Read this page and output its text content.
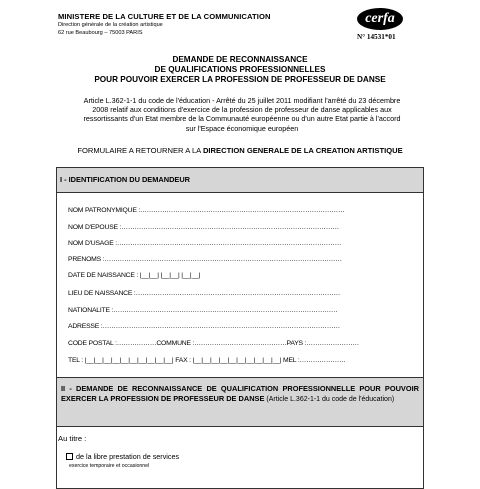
MINISTERE DE LA CULTURE ET DE LA COMMUNICATION
Direction générale de la création artistique
62 rue Beaubourg – 75003 PARIS
cerfa
N° 14531*01
DEMANDE DE RECONNAISSANCE
DE QUALIFICATIONS PROFESSIONNELLES
POUR POUVOIR EXERCER LA PROFESSION DE PROFESSEUR DE DANSE
Article L.362-1-1 du code de l'éducation - Arrêté du 25 juillet 2011 modifiant l'arrêté du 23 décembre
2008 relatif aux conditions d'exercice de la profession de professeur de danse applicables aux
ressortissants d'un Etat membre de la Communauté européenne ou d'un autre Etat partie à l'accord
sur l'Espace économique européen
FORMULAIRE A RETOURNER A LA DIRECTION GENERALE DE LA CREATION ARTISTIQUE
I - IDENTIFICATION DU DEMANDEUR
NOM PATRONYMIQUE :…………………………………………………………………………………
NOM D'EPOUSE :………………………………………………………………………………………
NOM D'USAGE :…………………………………………………………………………………………
PRENOMS :………………………………………………………………………………………………
DATE DE NAISSANCE : |__|__| |__|__| |__|__|
LIEU DE NAISSANCE :…………………………………………………………………………………
NATIONALITE :…………………………………………………………………………………………
ADRESSE :………………………………………………………………………………………………
CODE POSTAL :………………COMMUNE :……………………………………PAYS :……………………
TEL : |__|__|__|__|__|__|__|__|__|__| FAX : |__|__|__|__|__|__|__|__|__|__| MEL :…………………
II - DEMANDE DE RECONNAISSANCE DE QUALIFICATION PROFESSIONNELLE POUR POUVOIR EXERCER LA PROFESSION DE PROFESSEUR DE DANSE (Article L.362-1-1 du code de l'éducation)
Au titre :
de la libre prestation de services
exercice temporaire et occasionnel
